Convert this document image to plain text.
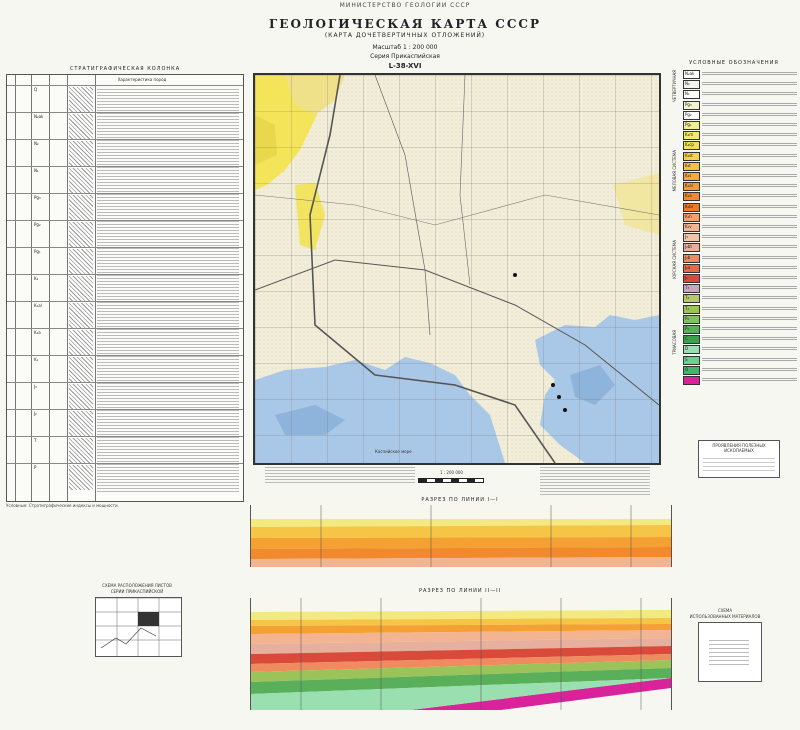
МИНИСТЕРСТВО ГЕОЛОГИИ СССР
ГЕОЛОГИЧЕСКАЯ КАРТА СССР
(КАРТА ДОЧЕТВЕРТИЧНЫХ ОТЛОЖЕНИЙ)
Масштаб 1 : 200 000
Серия Прикаспийская
L-38-XVI
СТРАТИГРАФИЧЕСКАЯ КОЛОНКА
Характеристика пород
Q
N₂ak
N₂
N₁
Pg₃
Pg₂
Pg₁
K₂
K₁al
K₁a
K₁
J₃
J₂
T
P
Условные: Стратиграфические индексы и мощности.
Каспийское море
1 : 200 000
УСЛОВНЫЕ ОБОЗНАЧЕНИЯ
N₂ak
N₂
N₁
Pg₃
Pg₂
Pg₁
K₂m
K₂cp
K₂st
K₂t
K₂s
K₁al
K₁a
K₁br
K₁h
K₁v
J₃
J₂bt
J₂b
J₂a
J₁
T₃
T₂
T₁
P₂
P₁
C
D
S
O
ЧЕТВЕРТИЧНАЯ
МЕЛОВАЯ СИСТЕМА
ЮРСКАЯ СИСТЕМА
ТРИАСОВАЯ
ПРОЯВЛЕНИЯ ПОЛЕЗНЫХ ИСКОПАЕМЫХ
РАЗРЕЗ ПО ЛИНИИ I—I
РАЗРЕЗ ПО ЛИНИИ II—II
СХЕМА РАСПОЛОЖЕНИЯ ЛИСТОВ
СЕРИИ ПРИКАСПИЙСКОЙ
СХЕМА
ИСПОЛЬЗОВАННЫХ МАТЕРИАЛОВ
